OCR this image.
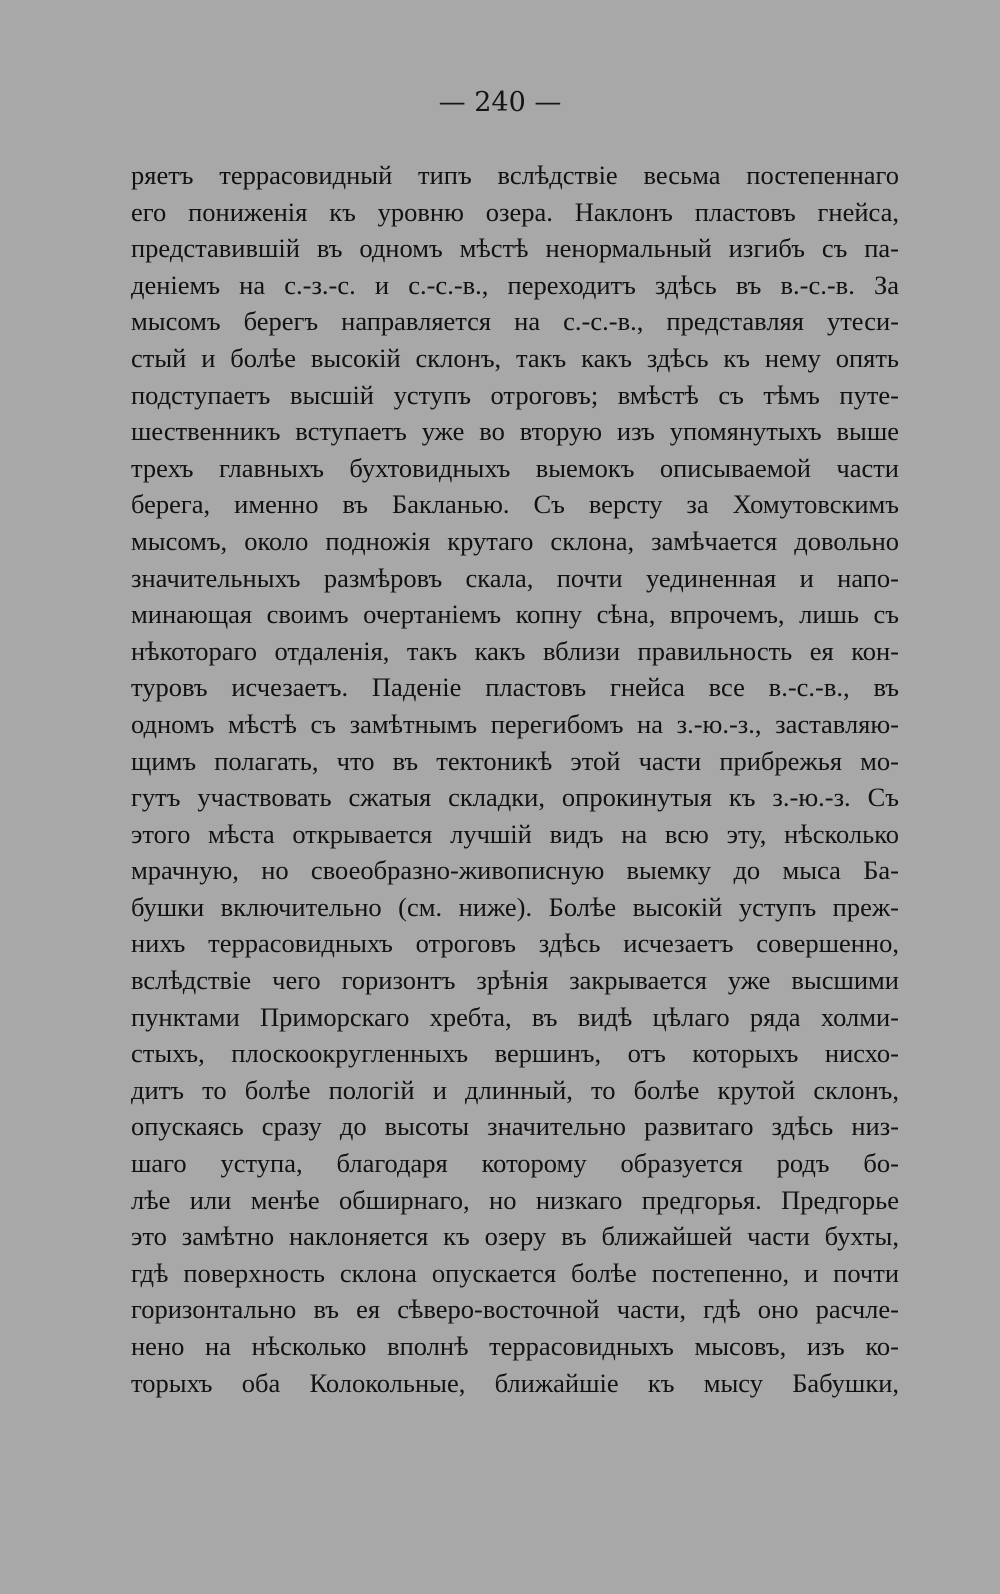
— 240 —
ряетъ террасовидный типъ вслѣдствіе весьма постепеннаго
его пониженія къ уровню озера. Наклонъ пластовъ гнейса,
представившій въ одномъ мѣстѣ ненормальный изгибъ съ па-
деніемъ на с.-з.-с. и с.-с.-в., переходитъ здѣсь въ в.-с.-в. За
мысомъ берегъ направляется на с.-с.-в., представляя утеси-
стый и болѣе высокій склонъ, такъ какъ здѣсь къ нему опять
подступаетъ высшій уступъ отроговъ; вмѣстѣ съ тѣмъ путе-
шественникъ вступаетъ уже во вторую изъ упомянутыхъ выше
трехъ главныхъ бухтовидныхъ выемокъ описываемой части
берега, именно въ Бакланью. Съ версту за Хомутовскимъ
мысомъ, около подножія крутаго склона, замѣчается довольно
значительныхъ размѣровъ скала, почти уединенная и напо-
минающая своимъ очертаніемъ копну сѣна, впрочемъ, лишь съ
нѣкотораго отдаленія, такъ какъ вблизи правильность ея кон-
туровъ исчезаетъ. Паденіе пластовъ гнейса все в.-с.-в., въ
одномъ мѣстѣ съ замѣтнымъ перегибомъ на з.-ю.-з., заставляю-
щимъ полагать, что въ тектоникѣ этой части прибрежья мо-
гутъ участвовать сжатыя складки, опрокинутыя къ з.-ю.-з. Съ
этого мѣста открывается лучшій видъ на всю эту, нѣсколько
мрачную, но своеобразно-живописную выемку до мыса Ба-
бушки включительно (см. ниже). Болѣе высокій уступъ преж-
нихъ террасовидныхъ отроговъ здѣсь исчезаетъ совершенно,
вслѣдствіе чего горизонтъ зрѣнія закрывается уже высшими
пунктами Приморскаго хребта, въ видѣ цѣлаго ряда холми-
стыхъ, плоскоокругленныхъ вершинъ, отъ которыхъ нисхо-
дитъ то болѣе пологій и длинный, то болѣе крутой склонъ,
опускаясь сразу до высоты значительно развитаго здѣсь низ-
шаго уступа, благодаря которому образуется родъ бо-
лѣе или менѣе обширнаго, но низкаго предгорья. Предгорье
это замѣтно наклоняется къ озеру въ ближайшей части бухты,
гдѣ поверхность склона опускается болѣе постепенно, и почти
горизонтально въ ея сѣверо-восточной части, гдѣ оно расчле-
нено на нѣсколько вполнѣ террасовидныхъ мысовъ, изъ ко-
торыхъ оба Колокольные, ближайшіе къ мысу Бабушки,
